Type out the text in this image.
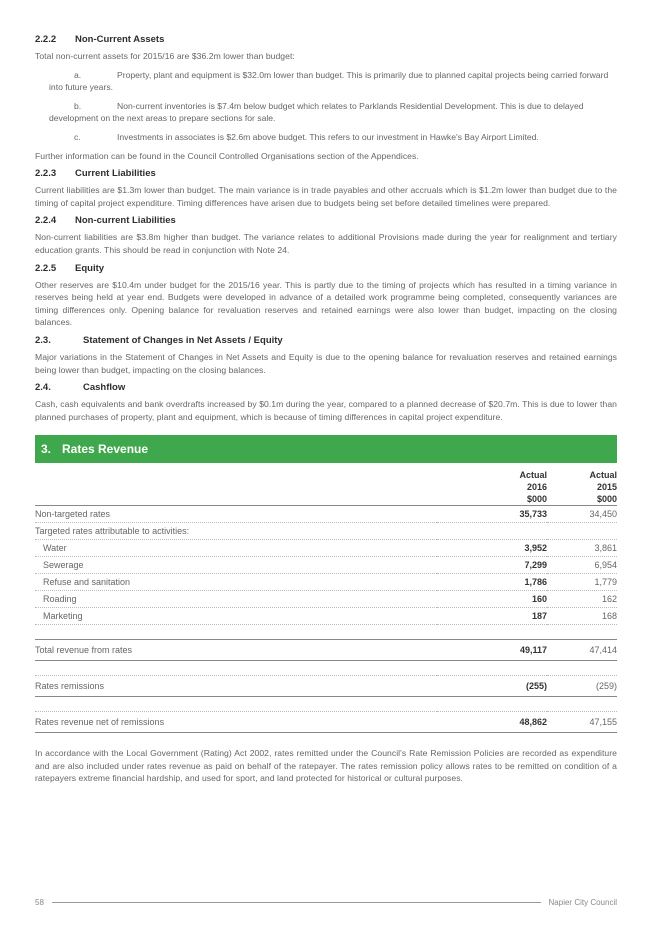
2.2.2 Non-Current Assets

Total non-current assets for 2015/16 are $36.2m lower than budget:

a.	Property, plant and equipment is $32.0m lower than budget. This is primarily due to planned capital projects being carried forward into future years.
b.	Non-current inventories is $7.4m below budget which relates to Parklands Residential Development. This is due to delayed development on the next areas to prepare sections for sale.
c.	Investments in associates is $2.6m above budget. This refers to our investment in Hawke's Bay Airport Limited.

Further information can be found in the Council Controlled Organisations section of the Appendices.

2.2.3 Current Liabilities

Current liabilities are $1.3m lower than budget. The main variance is in trade payables and other accruals which is $1.2m lower than budget due to the timing of capital project expenditure. Timing differences have arisen due to budgets being set before detailed timelines were prepared.

2.2.4 Non-current Liabilities

Non-current liabilities are $3.8m higher than budget. The variance relates to additional Provisions made during the year for realignment and tertiary education grants. This should be read in conjunction with Note 24.

2.2.5 Equity

Other reserves are $10.4m under budget for the 2015/16 year. This is partly due to the timing of projects which has resulted in a timing variance in reserves being held at year end. Budgets were developed in advance of a detailed work programme being completed, consequently variances are timing differences only. Opening balance for revaluation reserves and retained earnings were also lower than budget, impacting on the closing balances.

2.3.	Statement of Changes in Net Assets / Equity

Major variations in the Statement of Changes in Net Assets and Equity is due to the opening balance for revaluation reserves and retained earnings being lower than budget, impacting on the closing balances.

2.4.	Cashflow

Cash, cash equivalents and bank overdrafts increased by $0.1m during the year, compared to a planned decrease of $20.7m. This is due to lower than planned purchases of property, plant and equipment, which is because of timing differences in capital project expenditure.

3. Rates Revenue
	Actual	Actual
	2016	2015
	$000	$000
Non-targeted rates	35,733	34,450
Targeted rates attributable to activities:		
Water	3,952	3,861
Sewerage	7,299	6,954
Refuse and sanitation	1,786	1,779
Roading	160	162
Marketing	187	168

Total revenue from rates	49,117	47,414

Rates remissions	(255)	(259)

Rates revenue net of remissions	48,862	47,155

In accordance with the Local Government (Rating) Act 2002, rates remitted under the Council's Rate Remission Policies are recorded as expenditure and are also included under rates revenue as paid on behalf of the ratepayer. The rates remission policy allows rates to be remitted on condition of a ratepayers extreme financial hardship, and used for sport, and land protected for historical or cultural purposes.

58	Napier City Council
